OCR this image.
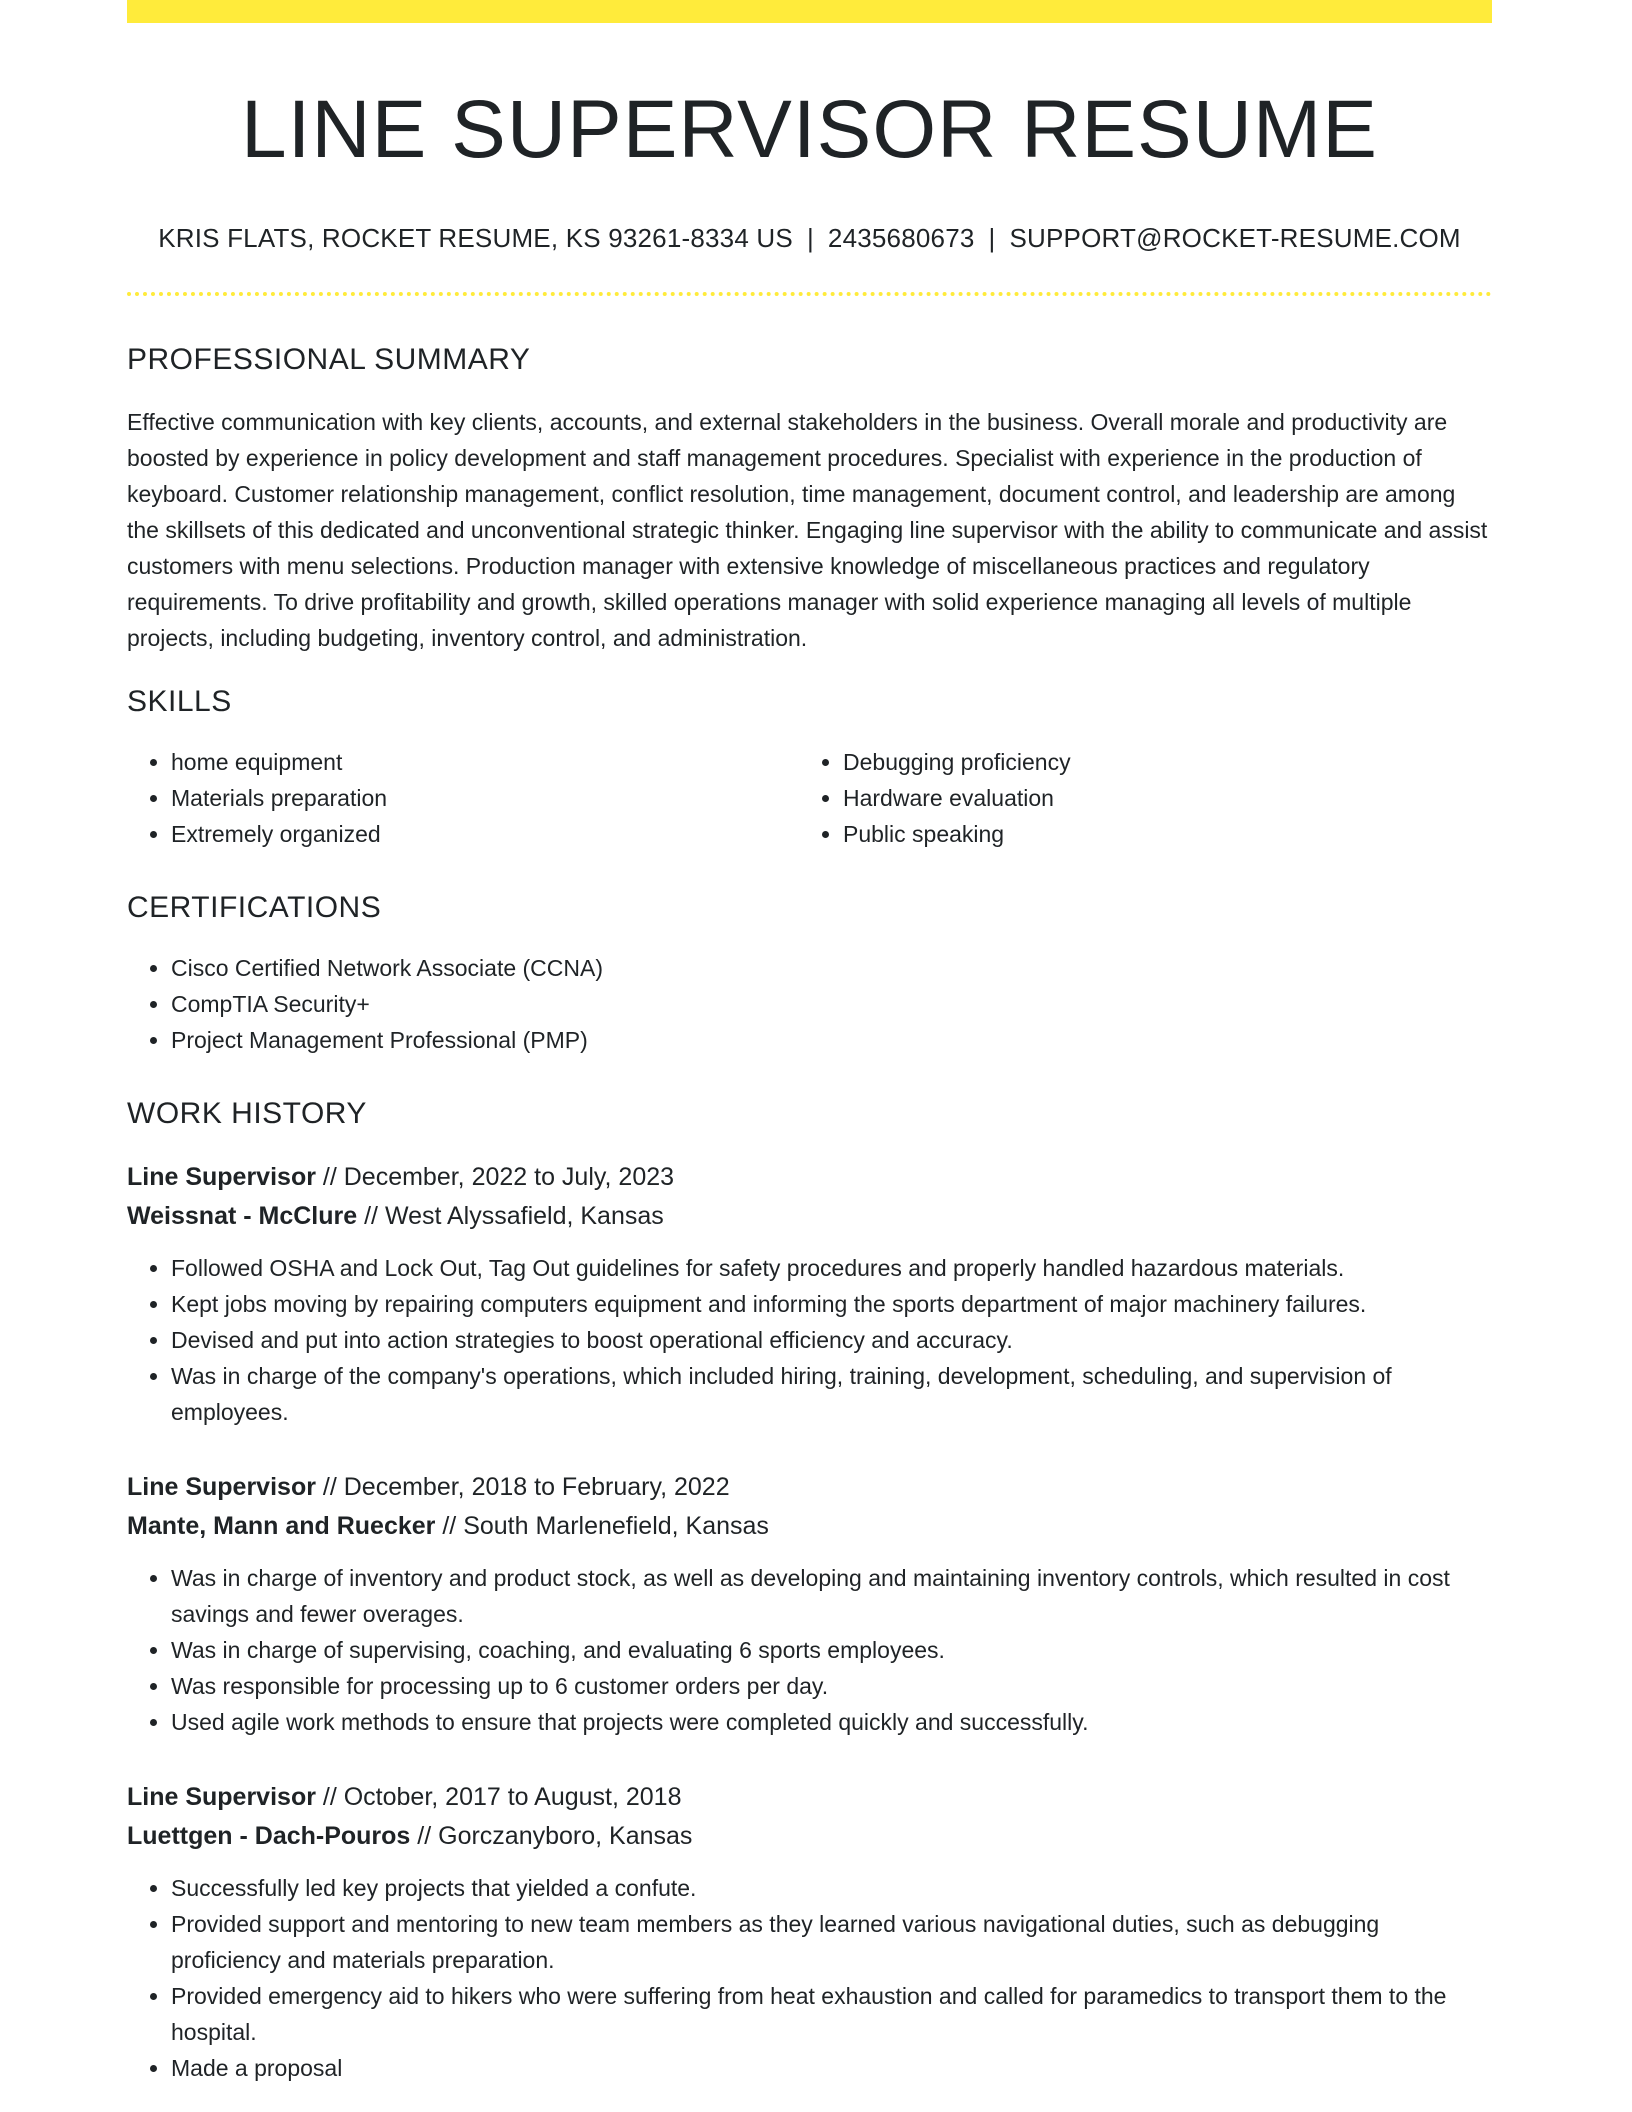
LINE SUPERVISOR RESUME
KRIS FLATS, ROCKET RESUME, KS 93261-8334 US | 2435680673 | SUPPORT@ROCKET-RESUME.COM
PROFESSIONAL SUMMARY

Effective communication with key clients, accounts, and external stakeholders in the business. Overall morale and productivity are boosted by experience in policy development and staff management procedures. Specialist with experience in the production of keyboard. Customer relationship management, conflict resolution, time management, document control, and leadership are among the skillsets of this dedicated and unconventional strategic thinker. Engaging line supervisor with the ability to communicate and assist customers with menu selections. Production manager with extensive knowledge of miscellaneous practices and regulatory requirements. To drive profitability and growth, skilled operations manager with solid experience managing all levels of multiple projects, including budgeting, inventory control, and administration.

SKILLS
• home equipment
• Materials preparation
• Extremely organized
• Debugging proficiency
• Hardware evaluation
• Public speaking
CERTIFICATIONS
• Cisco Certified Network Associate (CCNA)
• CompTIA Security+
• Project Management Professional (PMP)
WORK HISTORY
Line Supervisor // December, 2022 to July, 2023
Weissnat - McClure // West Alyssafield, Kansas
• Followed OSHA and Lock Out, Tag Out guidelines for safety procedures and properly handled hazardous materials.
• Kept jobs moving by repairing computers equipment and informing the sports department of major machinery failures.
• Devised and put into action strategies to boost operational efficiency and accuracy.
• Was in charge of the company's operations, which included hiring, training, development, scheduling, and supervision of employees.
Line Supervisor // December, 2018 to February, 2022
Mante, Mann and Ruecker // South Marlenefield, Kansas
• Was in charge of inventory and product stock, as well as developing and maintaining inventory controls, which resulted in cost savings and fewer overages.
• Was in charge of supervising, coaching, and evaluating 6 sports employees.
• Was responsible for processing up to 6 customer orders per day.
• Used agile work methods to ensure that projects were completed quickly and successfully.
Line Supervisor // October, 2017 to August, 2018
Luettgen - Dach-Pouros // Gorczanyboro, Kansas
• Successfully led key projects that yielded a confute.
• Provided support and mentoring to new team members as they learned various navigational duties, such as debugging proficiency and materials preparation.
• Provided emergency aid to hikers who were suffering from heat exhaustion and called for paramedics to transport them to the hospital.
• Made a proposal
